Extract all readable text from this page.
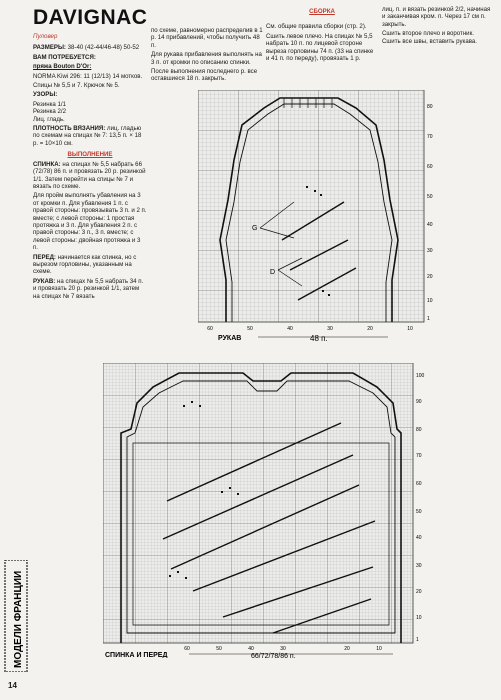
DAVIGNAC
Пуловер

РАЗМЕРЫ: 38-40 (42-44/46-48) 50-52

ВАМ ПОТРЕБУЕТСЯ:

пряжа Bouton D'Or:

NORMA Kiwi 296: 11 (12/13) 14 мотков.

Спицы № 5,5 и 7. Крючок № 5.

УЗОРЫ:

Резинка 1/1

Резинка 2/2

Лиц. гладь.

ПЛОТНОСТЬ ВЯЗАНИЯ: лиц. гладью по схемам на спицах № 7: 13,5 п. × 18 р. = 10×10 см.

ВЫПОЛНЕНИЕ

СПИНКА: на спицах № 5,5 набрать 66 (72/78) 86 п. и провязать 20 р. резинкой 1/1. Затем перейти на спицы № 7 и вязать по схеме.

Для пройм выполнять убавления на 3 от кромки п. Для убавления 1 п. с правой стороны: провязывать 3 п. и 2 п. вместе; с левой стороны: 1 простая протяжка и 3 п. Для убавления 2 п. с правой стороны: 3 п., 3 п. вместе; с левой стороны: двойная протяжка и 3 п.

ПЕРЕД: начинается как спинка, но с вырезом горловины, указанным на схеме.

РУКАВ: на спицах № 5,5 набрать 34 п. и провязать 20 р. резинкой 1/1, затем на спицах № 7 вязать

по схеме, равномерно распределив в 1 р. 14 прибавлений, чтобы получить 48 п.

Для рукава прибавления выполнять на 3 п. от кромки по описанию спинки.

После выполнения последнего р. все оставшиеся 18 п. закрыть.

СБОРКА

См. общие правила сборки (стр. 2).

Сшить левое плечо. На спицах № 5,5 набрать 10 п. по лицевой стороне выреза горловины 74 п. (33 на спинке и 41 п. по переду), провязать 1 р.

лиц. п. и вязать резинкой 2/2, начиная и заканчивая кром. п. Через 17 см п. закрыть.

Сшить второе плечо и воротник.

Сшить все швы, вставить рукава.

G
D
60	50	40	30	20	10
80
70
60
50
40
30
20
10
1
РУКАВ	48 п.
60	50	40	30	20	10
100
90
80
70
60
50
40
30
20
10
1
СПИНКА И ПЕРЕД	66/72/78/86 п.
МОДЕЛИ ФРАНЦИИ
14
